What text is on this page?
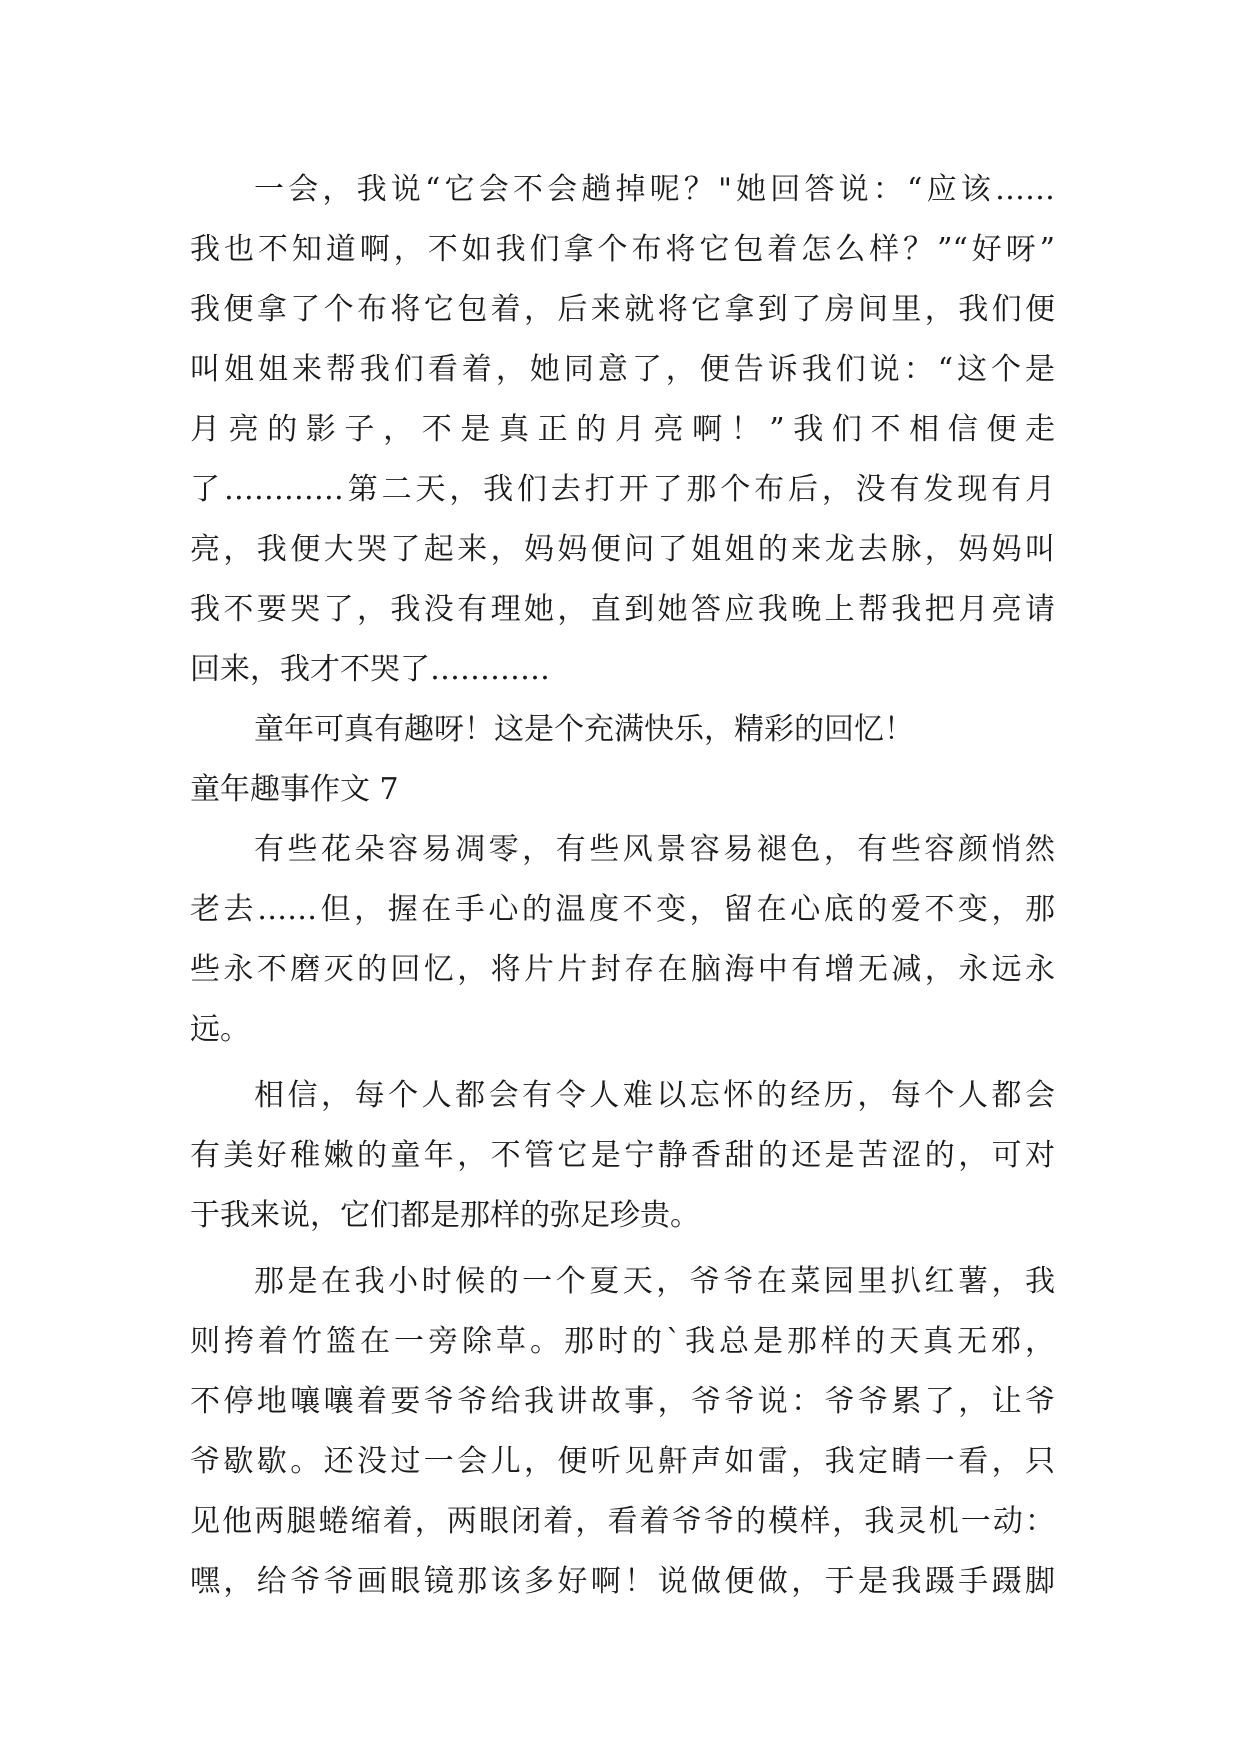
一会，我说“它会不会趟掉呢？"她回答说：“应该……
我也不知道啊，不如我们拿个布将它包着怎么样？”“好呀”
我便拿了个布将它包着，后来就将它拿到了房间里，我们便
叫姐姐来帮我们看着，她同意了，便告诉我们说：“这个是
月亮的影子，不是真正的月亮啊！”我们不相信便走
了…………第二天，我们去打开了那个布后，没有发现有月
亮，我便大哭了起来，妈妈便问了姐姐的来龙去脉，妈妈叫
我不要哭了，我没有理她，直到她答应我晚上帮我把月亮请
回来，我才不哭了…………
童年可真有趣呀！这是个充满快乐，精彩的回忆！
童年趣事作文 7
有些花朵容易凋零，有些风景容易褪色，有些容颜悄然
老去……但，握在手心的温度不变，留在心底的爱不变，那
些永不磨灭的回忆，将片片封存在脑海中有增无减，永远永
远。
相信，每个人都会有令人难以忘怀的经历，每个人都会
有美好稚嫩的童年，不管它是宁静香甜的还是苦涩的，可对
于我来说，它们都是那样的弥足珍贵。
那是在我小时候的一个夏天，爷爷在菜园里扒红薯，我
则挎着竹篮在一旁除草。那时的`我总是那样的天真无邪，
不停地嚷嚷着要爷爷给我讲故事，爷爷说：爷爷累了，让爷
爷歇歇。还没过一会儿，便听见鼾声如雷，我定睛一看，只
见他两腿蜷缩着，两眼闭着，看着爷爷的模样，我灵机一动：
嘿，给爷爷画眼镜那该多好啊！说做便做，于是我蹑手蹑脚
